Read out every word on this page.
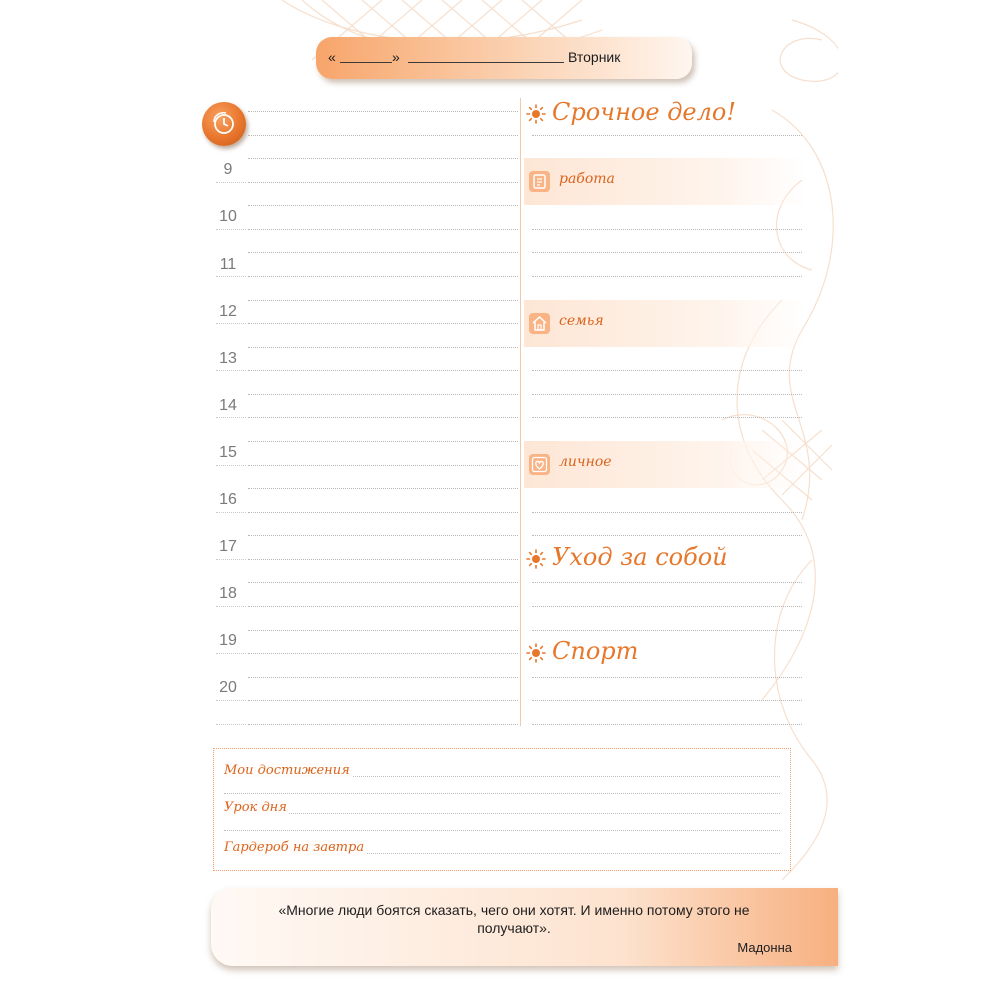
«	»	Вторник
9
10
11
12
13
14
15
16
17
18
19
20
работа
семья
личное
Срочное дело!
Уход за собой
Спорт
Мои достижения
Урок дня
Гардероб на завтра
«Многие люди боятся сказать, чего они хотят. И именно потому этого не получают».
Мадонна
